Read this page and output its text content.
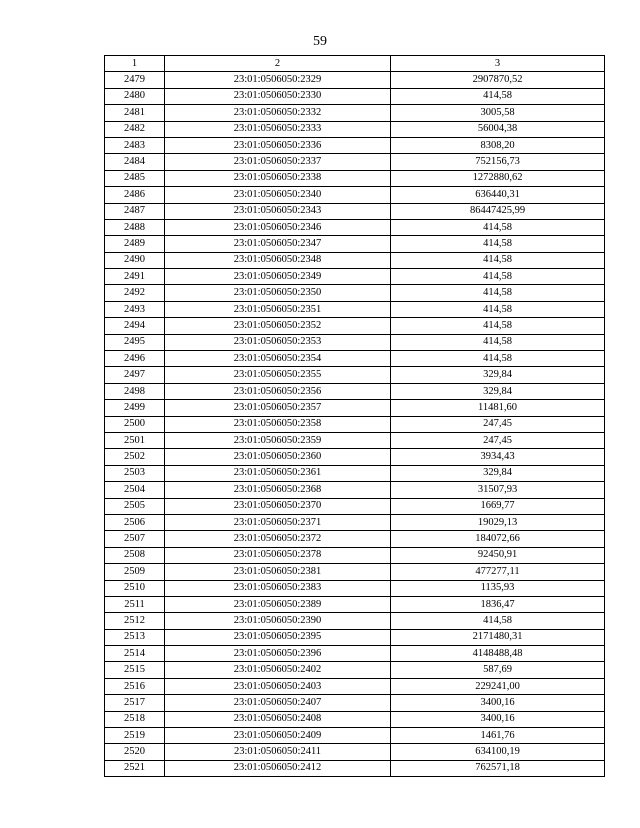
59
1	2	3
2479	23:01:0506050:2329	2907870,52
2480	23:01:0506050:2330	414,58
2481	23:01:0506050:2332	3005,58
2482	23:01:0506050:2333	56004,38
2483	23:01:0506050:2336	8308,20
2484	23:01:0506050:2337	752156,73
2485	23:01:0506050:2338	1272880,62
2486	23:01:0506050:2340	636440,31
2487	23:01:0506050:2343	86447425,99
2488	23:01:0506050:2346	414,58
2489	23:01:0506050:2347	414,58
2490	23:01:0506050:2348	414,58
2491	23:01:0506050:2349	414,58
2492	23:01:0506050:2350	414,58
2493	23:01:0506050:2351	414,58
2494	23:01:0506050:2352	414,58
2495	23:01:0506050:2353	414,58
2496	23:01:0506050:2354	414,58
2497	23:01:0506050:2355	329,84
2498	23:01:0506050:2356	329,84
2499	23:01:0506050:2357	11481,60
2500	23:01:0506050:2358	247,45
2501	23:01:0506050:2359	247,45
2502	23:01:0506050:2360	3934,43
2503	23:01:0506050:2361	329,84
2504	23:01:0506050:2368	31507,93
2505	23:01:0506050:2370	1669,77
2506	23:01:0506050:2371	19029,13
2507	23:01:0506050:2372	184072,66
2508	23:01:0506050:2378	92450,91
2509	23:01:0506050:2381	477277,11
2510	23:01:0506050:2383	1135,93
2511	23:01:0506050:2389	1836,47
2512	23:01:0506050:2390	414,58
2513	23:01:0506050:2395	2171480,31
2514	23:01:0506050:2396	4148488,48
2515	23:01:0506050:2402	587,69
2516	23:01:0506050:2403	229241,00
2517	23:01:0506050:2407	3400,16
2518	23:01:0506050:2408	3400,16
2519	23:01:0506050:2409	1461,76
2520	23:01:0506050:2411	634100,19
2521	23:01:0506050:2412	762571,18
